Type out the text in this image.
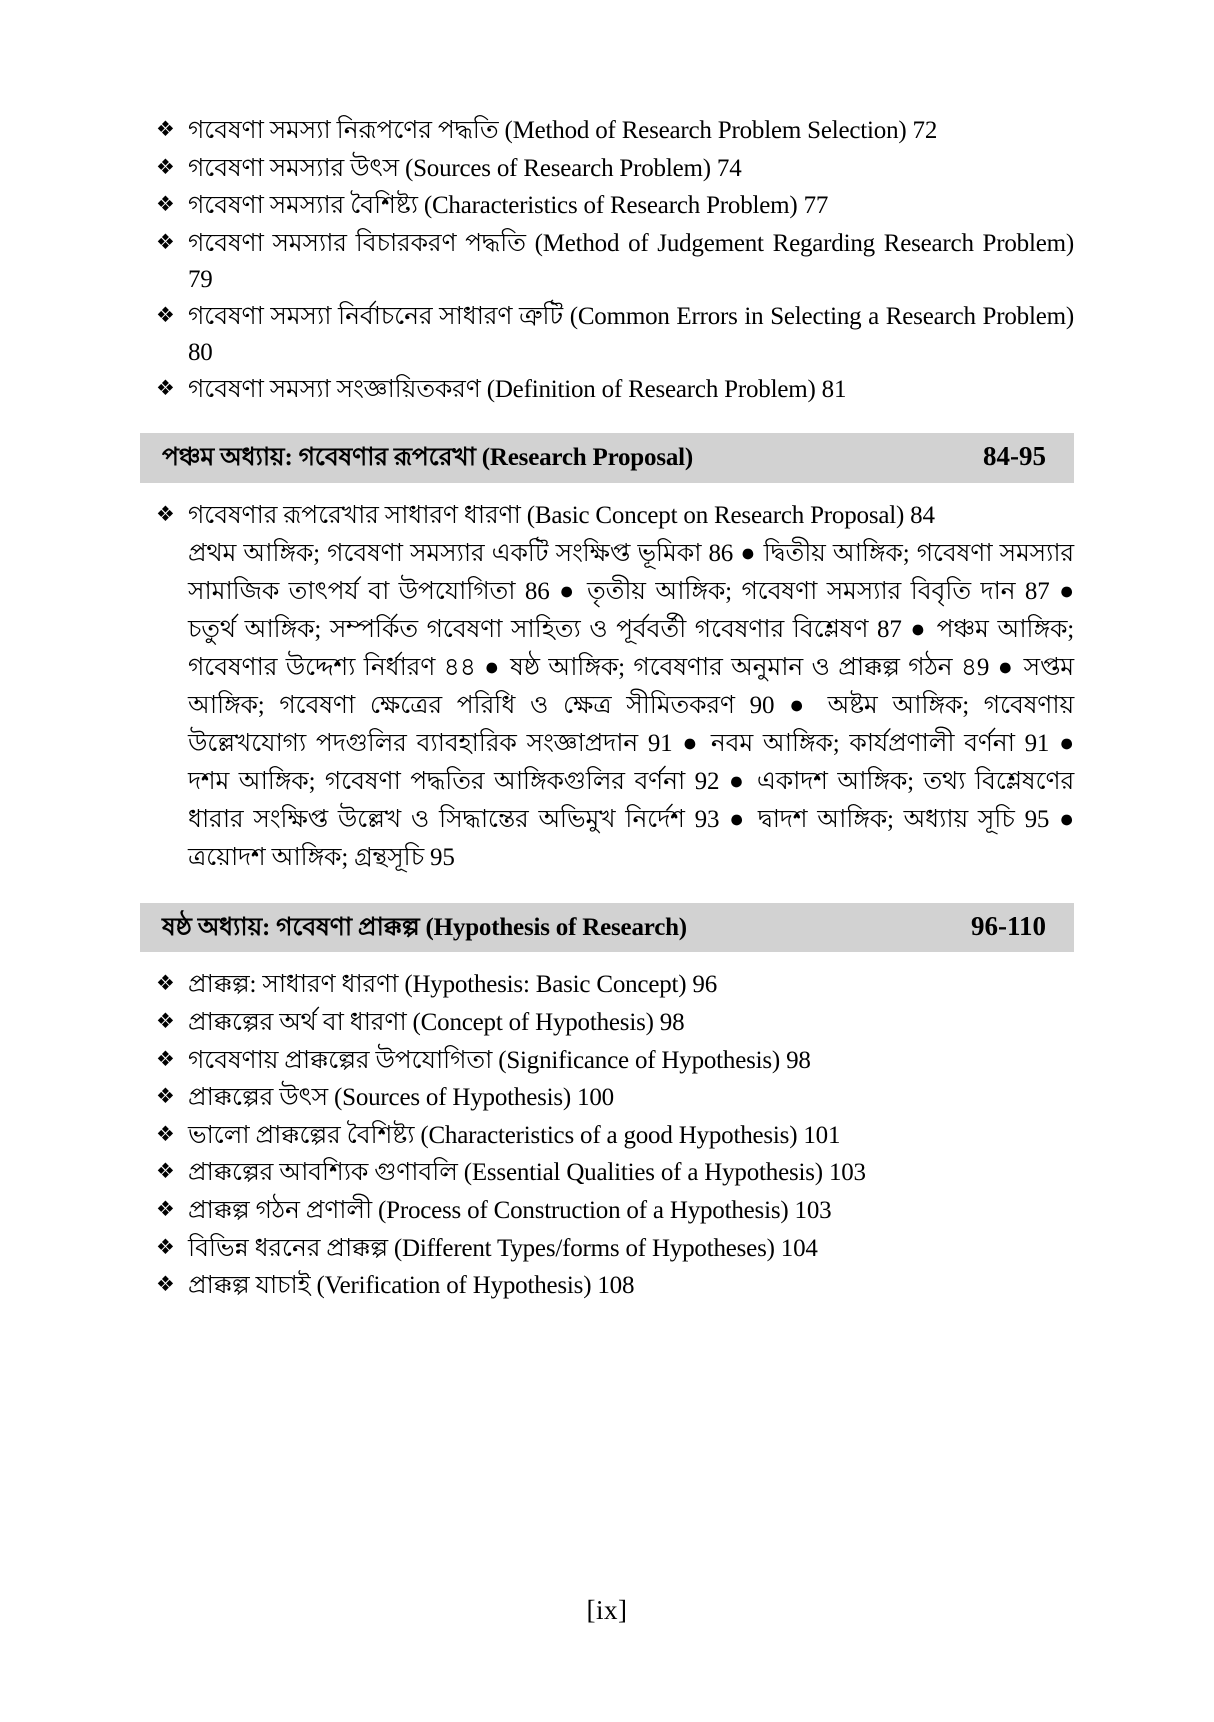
❖ গবেষণা সমস্যা নিরূপণের পদ্ধতি (Method of Research Problem Selection) 72
❖ গবেষণা সমস্যার উৎস (Sources of Research Problem) 74
❖ গবেষণা সমস্যার বৈশিষ্ট্য (Characteristics of Research Problem) 77
❖ গবেষণা সমস্যার বিচারকরণ পদ্ধতি (Method of Judgement Regarding Research Problem) 79
❖ গবেষণা সমস্যা নির্বাচনের সাধারণ ত্রুটি (Common Errors in Selecting a Research Problem) 80
❖ গবেষণা সমস্যা সংজ্ঞায়িতকরণ (Definition of Research Problem) 81
পঞ্চম অধ্যায়: গবেষণার রূপরেখা (Research Proposal)	84-95
❖ গবেষণার রূপরেখার সাধারণ ধারণা (Basic Concept on Research Proposal) 84
প্রথম আঙ্গিক; গবেষণা সমস্যার একটি সংক্ষিপ্ত ভূমিকা 86 ● দ্বিতীয় আঙ্গিক; গবেষণা সমস্যার সামাজিক তাৎপর্য বা উপযোগিতা 86 ● তৃতীয় আঙ্গিক; গবেষণা সমস্যার বিবৃতি দান 87 ● চতুর্থ আঙ্গিক; সম্পর্কিত গবেষণা সাহিত্য ও পূর্ববর্তী গবেষণার বিশ্লেষণ 87 ● পঞ্চম আঙ্গিক; গবেষণার উদ্দেশ্য নির্ধারণ ৪৪ ● ষষ্ঠ আঙ্গিক; গবেষণার অনুমান ও প্রাক্কল্প গঠন ৪9 ● সপ্তম আঙ্গিক; গবেষণা ক্ষেত্রের পরিধি ও ক্ষেত্র সীমিতকরণ 90 ● অষ্টম আঙ্গিক; গবেষণায় উল্লেখযোগ্য পদগুলির ব্যাবহারিক সংজ্ঞাপ্রদান 91 ● নবম আঙ্গিক; কার্যপ্রণালী বর্ণনা 91 ● দশম আঙ্গিক; গবেষণা পদ্ধতির আঙ্গিকগুলির বর্ণনা 92 ● একাদশ আঙ্গিক; তথ্য বিশ্লেষণের ধারার সংক্ষিপ্ত উল্লেখ ও সিদ্ধান্তের অভিমুখ নির্দেশ 93 ● দ্বাদশ আঙ্গিক; অধ্যায় সূচি 95 ● ত্রয়োদশ আঙ্গিক; গ্রন্থসূচি 95
ষষ্ঠ অধ্যায়: গবেষণা প্রাক্কল্প (Hypothesis of Research)	96-110
❖ প্রাক্কল্প: সাধারণ ধারণা (Hypothesis: Basic Concept) 96
❖ প্রাক্কল্পের অর্থ বা ধারণা (Concept of Hypothesis) 98
❖ গবেষণায় প্রাক্কল্পের উপযোগিতা (Significance of Hypothesis) 98
❖ প্রাক্কল্পের উৎস (Sources of Hypothesis) 100
❖ ভালো প্রাক্কল্পের বৈশিষ্ট্য (Characteristics of a good Hypothesis) 101
❖ প্রাক্কল্পের আবশ্যিক গুণাবলি (Essential Qualities of a Hypothesis) 103
❖ প্রাক্কল্প গঠন প্রণালী (Process of Construction of a Hypothesis) 103
❖ বিভিন্ন ধরনের প্রাক্কল্প (Different Types/forms of Hypotheses) 104
❖ প্রাক্কল্প যাচাই (Verification of Hypothesis) 108
[ix]
